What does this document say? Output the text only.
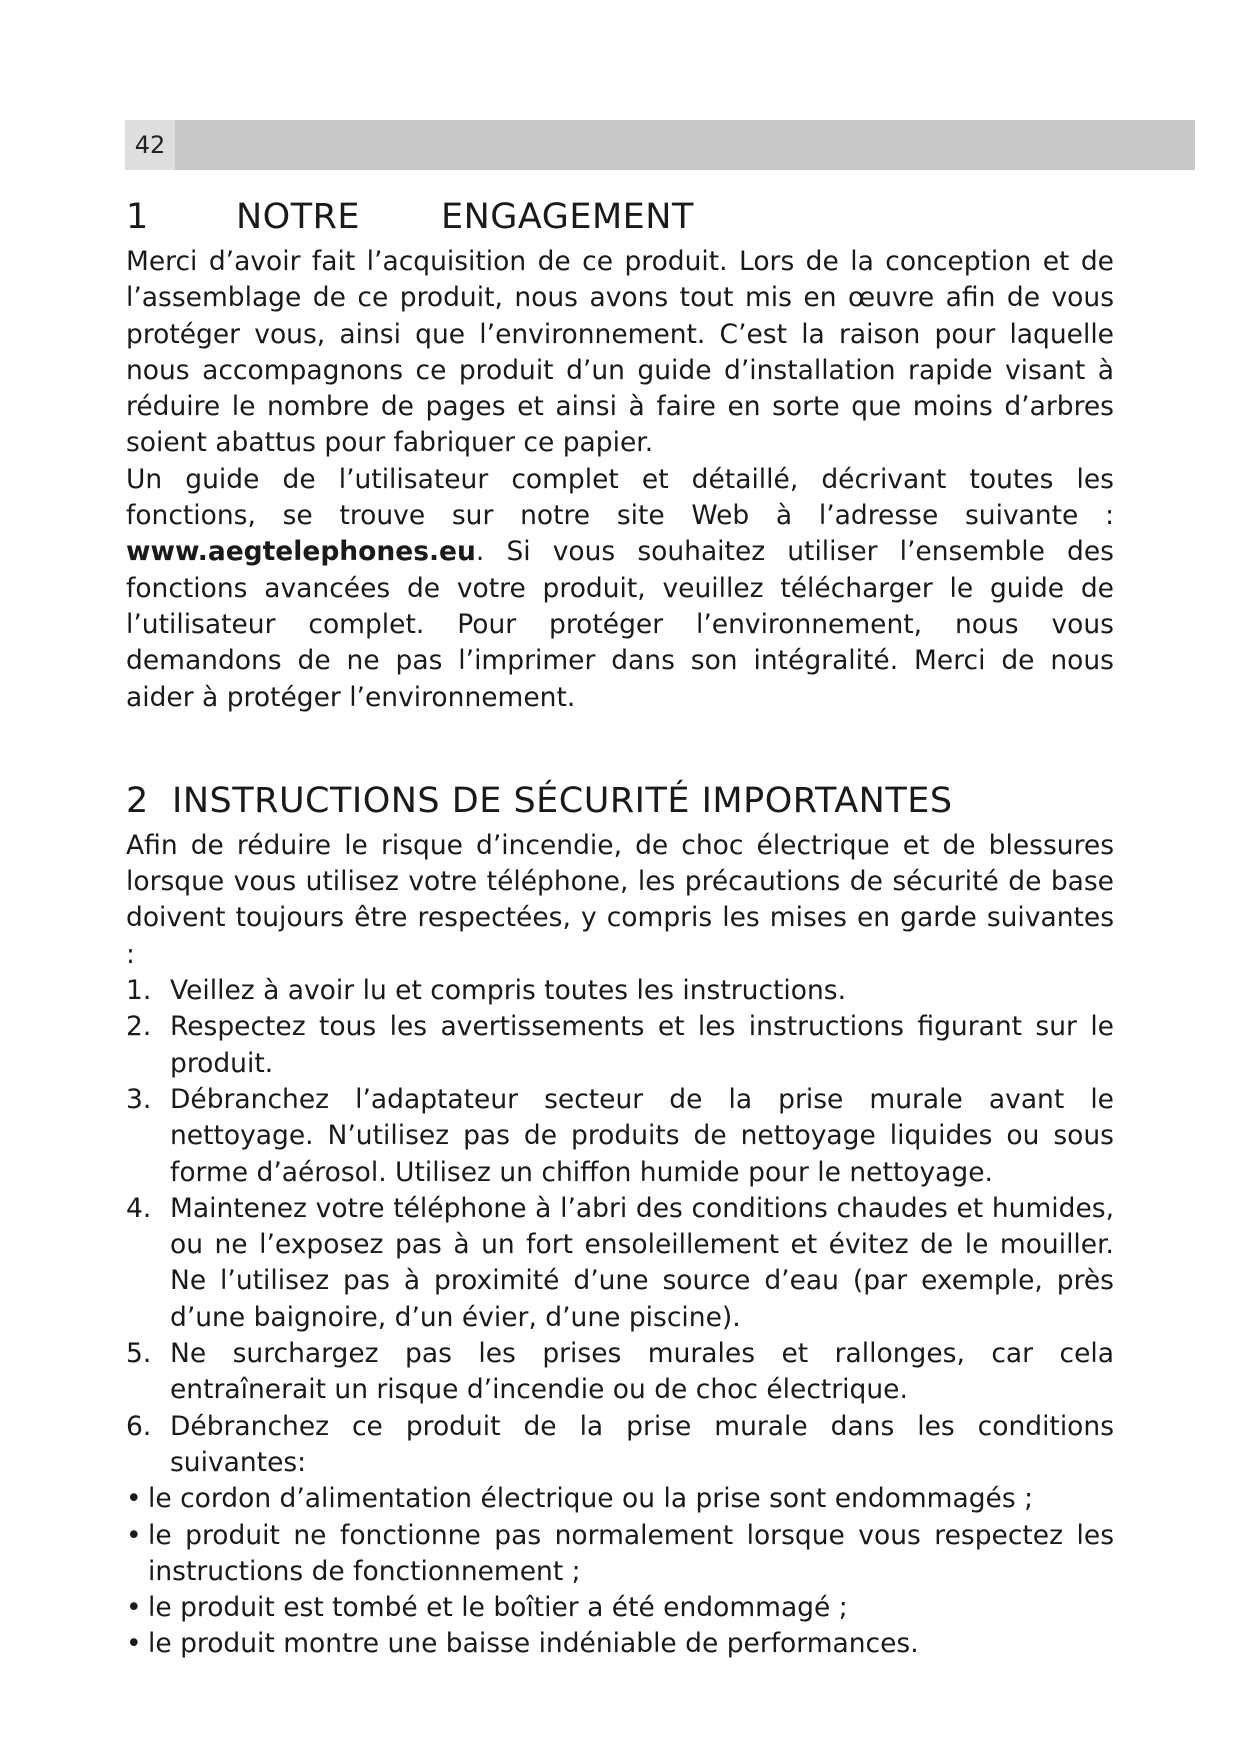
42
1	NOTRE	ENGAGEMENT

Merci d’avoir fait l’acquisition de ce produit. Lors de la conception et de l’assemblage de ce produit, nous avons tout mis en œuvre afin de vous protéger vous, ainsi que l’environnement. C’est la raison pour laquelle nous accompagnons ce produit d’un guide d’installation rapide visant à réduire le nombre de pages et ainsi à faire en sorte que moins d’arbres soient abattus pour fabriquer ce papier.

Un guide de l’utilisateur complet et détaillé, décrivant toutes les fonctions, se trouve sur notre site Web à l’adresse suivante : www.aegtelephones.eu. Si vous souhaitez utiliser l’ensemble des fonctions avancées de votre produit, veuillez télécharger le guide de l’utilisateur complet. Pour protéger l’environnement, nous vous demandons de ne pas l’imprimer dans son intégralité. Merci de nous aider à protéger l’environnement.

2  INSTRUCTIONS DE SÉCURITÉ IMPORTANTES

Afin de réduire le risque d’incendie, de choc électrique et de blessures lorsque vous utilisez votre téléphone, les précautions de sécurité de base doivent toujours être respectées, y compris les mises en garde suivantes :

1. Veillez à avoir lu et compris toutes les instructions.
2. Respectez tous les avertissements et les instructions figurant sur le produit.
3. Débranchez l’adaptateur secteur de la prise murale avant le nettoyage. N’utilisez pas de produits de nettoyage liquides ou sous forme d’aérosol. Utilisez un chiffon humide pour le nettoyage.
4. Maintenez votre téléphone à l’abri des conditions chaudes et humides, ou ne l’exposez pas à un fort ensoleillement et évitez de le mouiller. Ne l’utilisez pas à proximité d’une source d’eau (par exemple, près d’une baignoire, d’un évier, d’une piscine).
5. Ne surchargez pas les prises murales et rallonges, car cela entraînerait un risque d’incendie ou de choc électrique.
6. Débranchez ce produit de la prise murale dans les conditions suivantes:
• le cordon d’alimentation électrique ou la prise sont endommagés ;
• le produit ne fonctionne pas normalement lorsque vous respectez les instructions de fonctionnement ;
• le produit est tombé et le boîtier a été endommagé ;
• le produit montre une baisse indéniable de performances.
